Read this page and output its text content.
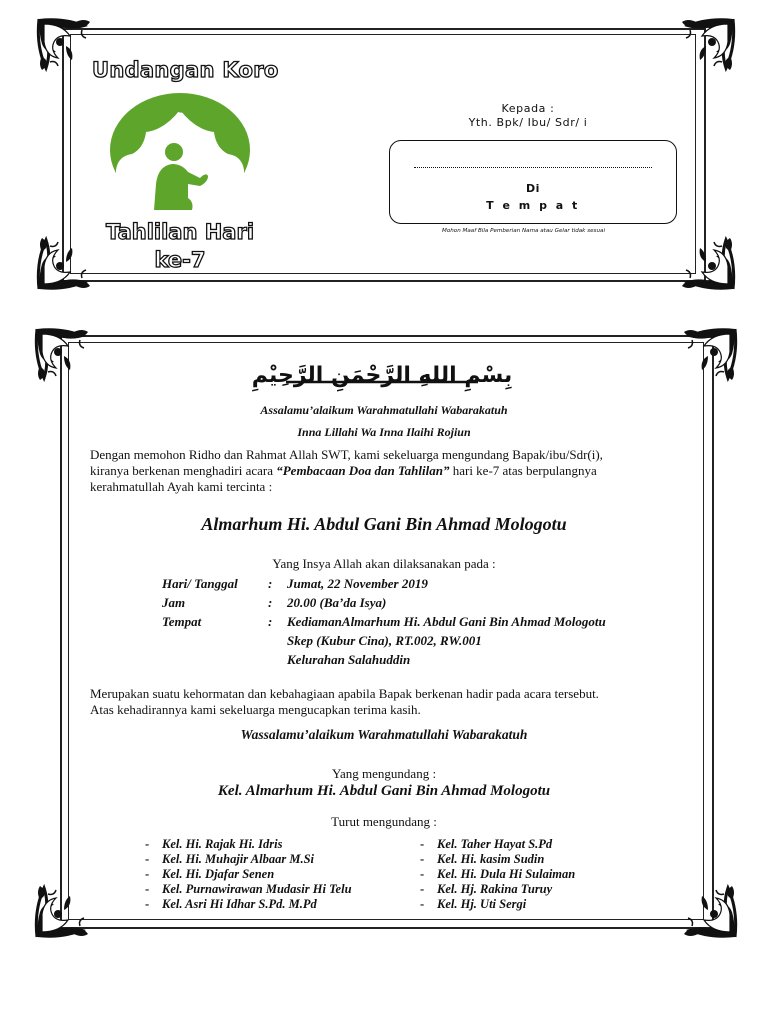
Undangan Koro
Tahlilan Hari
ke-7
Kepada :
Yth. Bpk/ Ibu/ Sdr/ i
Di
T e m p a t
Mohon Maaf Bila Pemberian Nama atau Gelar tidak sesuai
بِسْمِ اللهِ الرَّحْمَنِ الرَّحِيْمِ
Assalamu’alaikum Warahmatullahi Wabarakatuh
Inna Lillahi Wa Inna Ilaihi Rojiun
Dengan memohon Ridho dan Rahmat Allah SWT, kami sekeluarga mengundang Bapak/ibu/Sdr(i),
kiranya berkenan menghadiri acara “Pembacaan Doa dan Tahlilan” hari ke-7 atas berpulangnya
kerahmatullah Ayah kami tercinta :
Almarhum Hi. Abdul Gani Bin Ahmad Mologotu
Yang Insya Allah akan dilaksanakan pada :
Hari/ Tanggal : Jumat, 22 November 2019
Jam	: 20.00 (Ba’da Isya)
Tempat	: KediamanAlmarhum Hi. Abdul Gani Bin Ahmad Mologotu
Skep (Kubur Cina), RT.002, RW.001
Kelurahan Salahuddin
Merupakan suatu kehormatan dan kebahagiaan apabila Bapak berkenan hadir pada acara tersebut.
Atas kehadirannya kami sekeluarga mengucapkan terima kasih.
Wassalamu’alaikum Warahmatullahi Wabarakatuh
Yang mengundang :
Kel. Almarhum Hi. Abdul Gani Bin Ahmad Mologotu
Turut mengundang :
- Kel. Hi. Rajak Hi. Idris
- Kel. Hi. Muhajir Albaar M.Si
- Kel. Hi. Djafar Senen
- Kel. Purnawirawan Mudasir Hi Telu
- Kel. Asri Hi Idhar S.Pd. M.Pd
- Kel. Taher Hayat S.Pd
- Kel. Hi. kasim Sudin
- Kel. Hi. Dula Hi Sulaiman
- Kel. Hj. Rakina Turuy
- Kel. Hj. Uti Sergi
